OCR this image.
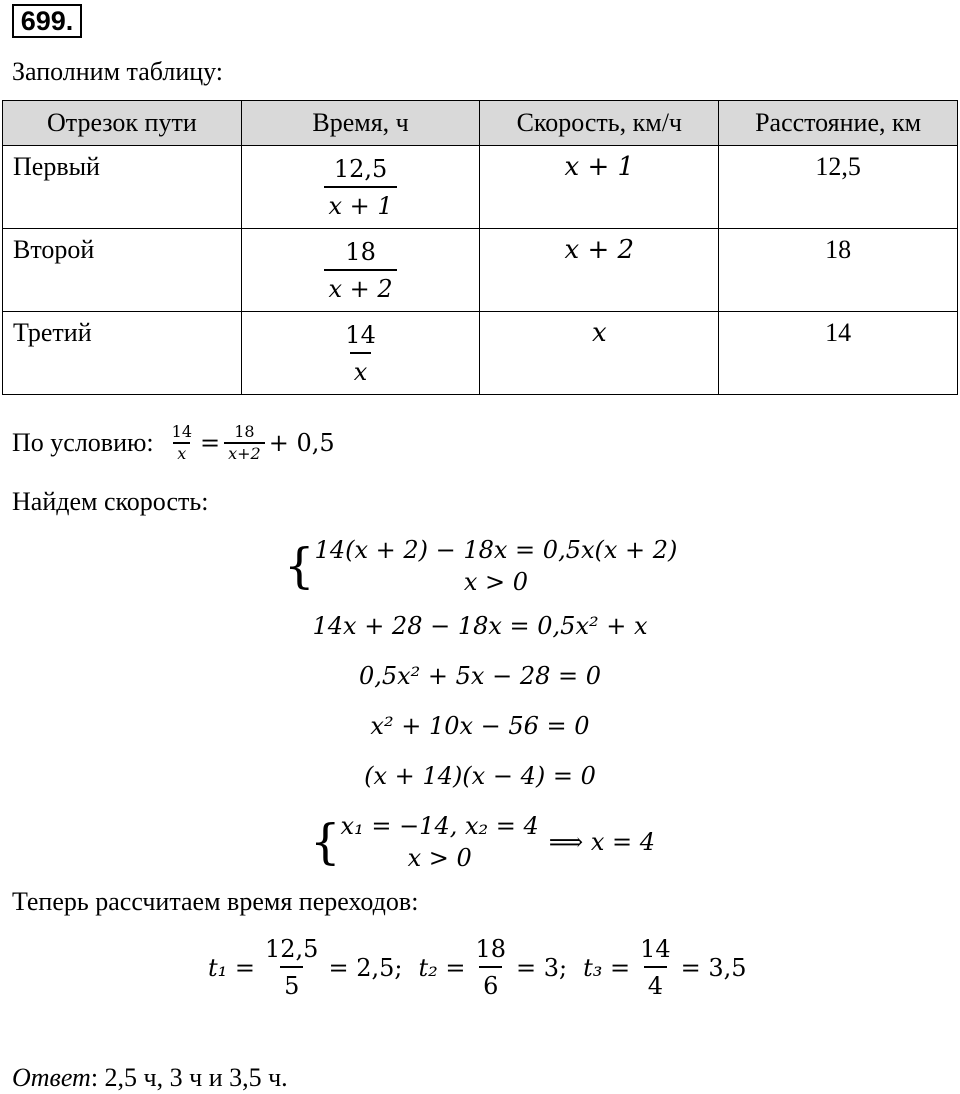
699.
Заполним таблицу:
Отрезок пути	Время, ч	Скорость, км/ч	Расстояние, км
Первый	$\frac{12,5}{x + 1}$	x + 1	12,5
Второй	$\frac{18}{x + 2}$	x + 2	18
Третий	$\frac{14}{x}$	x	14
По условию: $\frac{14}{x} = \frac{18}{x+2} + 0,5$
Найдем скорость:
{ 14(x + 2) − 18x = 0,5x(x + 2)
x > 0
14x + 28 − 18x = 0,5x² + x
0,5x² + 5x − 28 = 0
x² + 10x − 56 = 0
(x + 14)(x − 4) = 0
{ x₁ = −14, x₂ = 4
x > 0
⟹ x = 4
Теперь рассчитаем время переходов:
$t_1 = \frac{12,5}{5} = 2,5$; $t_2 = \frac{18}{6} = 3$; $t_3 = \frac{14}{4} = 3,5$
Ответ: 2,5 ч, 3 ч и 3,5 ч.
